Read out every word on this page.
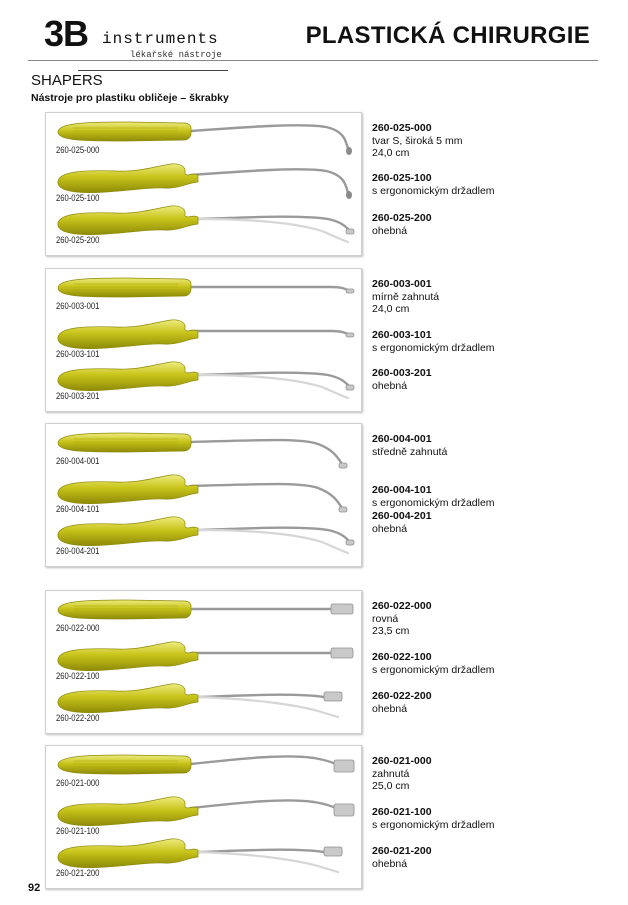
3B instruments
lékařské nástroje
PLASTICKÁ CHIRURGIE
SHAPERS
Nástroje pro plastiku obličeje – škrabky
260-025-000
260-025-100
260-025-200
260-025-000
tvar S, široká 5 mm
24,0 cm
260-025-100
s ergonomickým držadlem
260-025-200
ohebná
260-003-001
260-003-101
260-003-201
260-003-001
mírně zahnutá
24,0 cm
260-003-101
s ergonomickým držadlem
260-003-201
ohebná
260-004-001
260-004-101
260-004-201
260-004-001
středně zahnutá
260-004-101
s ergonomickým držadlem
260-004-201
ohebná
260-022-000
260-022-100
260-022-200
260-022-000
rovná
23,5 cm
260-022-100
s ergonomickým držadlem
260-022-200
ohebná
260-021-000
260-021-100
260-021-200
260-021-000
zahnutá
25,0 cm
260-021-100
s ergonomickým držadlem
260-021-200
ohebná
92
